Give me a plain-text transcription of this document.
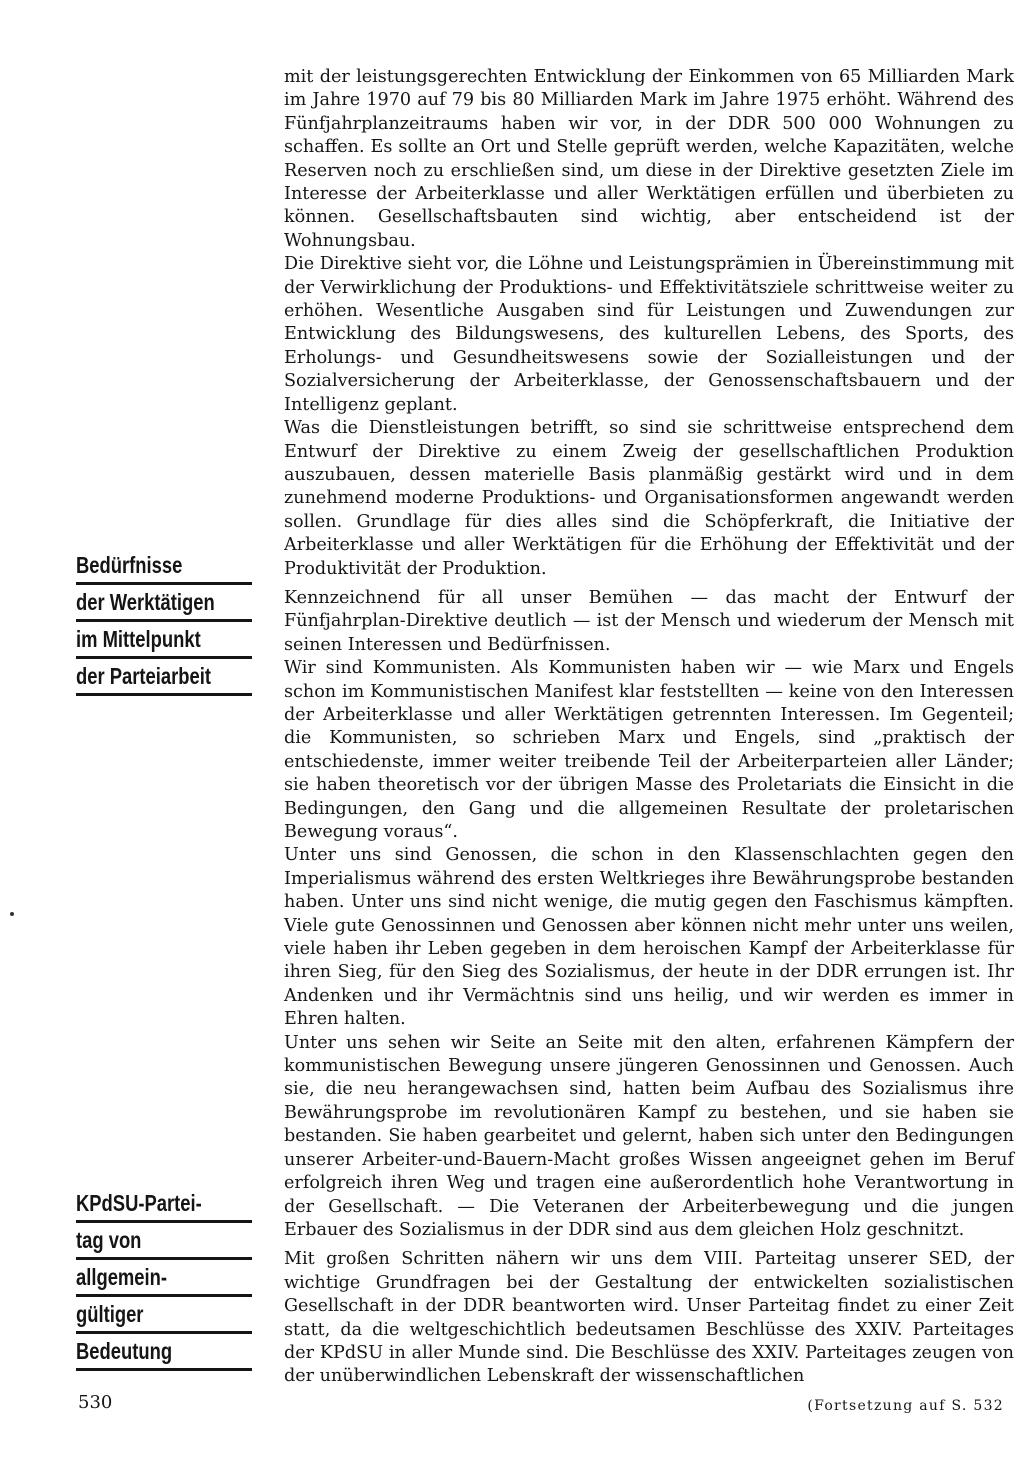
Bedürfnisse
der Werktätigen
im Mittelpunkt
der Parteiarbeit
KPdSU-Partei-
tag von
allgemein-
gültiger
Bedeutung

mit der leistungsgerechten Entwicklung der Einkommen von 65 Milliarden Mark im Jahre 1970 auf 79 bis 80 Milliarden Mark im Jahre 1975 erhöht. Während des Fünfjahrplanzeitraums haben wir vor, in der DDR 500 000 Wohnungen zu schaffen. Es sollte an Ort und Stelle geprüft werden, welche Kapazitäten, welche Reserven noch zu erschließen sind, um diese in der Direktive gesetzten Ziele im Interesse der Arbeiterklasse und aller Werktätigen erfüllen und überbieten zu können. Gesellschaftsbauten sind wichtig, aber entscheidend ist der Wohnungsbau.

Die Direktive sieht vor, die Löhne und Leistungsprämien in Übereinstimmung mit der Verwirklichung der Produktions- und Effektivitätsziele schrittweise weiter zu erhöhen. Wesentliche Ausgaben sind für Leistungen und Zuwendungen zur Entwicklung des Bildungswesens, des kulturellen Lebens, des Sports, des Erholungs- und Gesundheitswesens sowie der Sozialleistungen und der Sozialversicherung der Arbeiterklasse, der Genossenschaftsbauern und der Intelligenz geplant.

Was die Dienstleistungen betrifft, so sind sie schrittweise entsprechend dem Entwurf der Direktive zu einem Zweig der gesellschaftlichen Produktion auszubauen, dessen materielle Basis planmäßig gestärkt wird und in dem zunehmend moderne Produktions- und Organisationsformen angewandt werden sollen. Grundlage für dies alles sind die Schöpferkraft, die Initiative der Arbeiterklasse und aller Werktätigen für die Erhöhung der Effektivität und der Produktivität der Produktion.

Kennzeichnend für all unser Bemühen — das macht der Entwurf der Fünfjahrplan-Direktive deutlich — ist der Mensch und wiederum der Mensch mit seinen Interessen und Bedürfnissen.

Wir sind Kommunisten. Als Kommunisten haben wir — wie Marx und Engels schon im Kommunistischen Manifest klar feststellten — keine von den Interessen der Arbeiterklasse und aller Werktätigen getrennten Interessen. Im Gegenteil; die Kommunisten, so schrieben Marx und Engels, sind „praktisch der entschiedenste, immer weiter treibende Teil der Arbeiterparteien aller Länder; sie haben theoretisch vor der übrigen Masse des Proletariats die Einsicht in die Bedingungen, den Gang und die allgemeinen Resultate der proletarischen Bewegung voraus“.

Unter uns sind Genossen, die schon in den Klassenschlachten gegen den Imperialismus während des ersten Weltkrieges ihre Bewährungsprobe bestanden haben. Unter uns sind nicht wenige, die mutig gegen den Faschismus kämpften. Viele gute Genossinnen und Genossen aber können nicht mehr unter uns weilen, viele haben ihr Leben gegeben in dem heroischen Kampf der Arbeiterklasse für ihren Sieg, für den Sieg des Sozialismus, der heute in der DDR errungen ist. Ihr Andenken und ihr Vermächtnis sind uns heilig, und wir werden es immer in Ehren halten.

Unter uns sehen wir Seite an Seite mit den alten, erfahrenen Kämpfern der kommunistischen Bewegung unsere jüngeren Genossinnen und Genossen. Auch sie, die neu herangewachsen sind, hatten beim Aufbau des Sozialismus ihre Bewährungsprobe im revolutionären Kampf zu bestehen, und sie haben sie bestanden. Sie haben gearbeitet und gelernt, haben sich unter den Bedingungen unserer Arbeiter-und-Bauern-Macht großes Wissen angeeignet gehen im Beruf erfolgreich ihren Weg und tragen eine außerordentlich hohe Verantwortung in der Gesellschaft. — Die Veteranen der Arbeiterbewegung und die jungen Erbauer des Sozialismus in der DDR sind aus dem gleichen Holz geschnitzt.

Mit großen Schritten nähern wir uns dem VIII. Parteitag unserer SED, der wichtige Grundfragen bei der Gestaltung der entwickelten sozialistischen Gesellschaft in der DDR beantworten wird. Unser Parteitag findet zu einer Zeit statt, da die weltgeschichtlich bedeutsamen Beschlüsse des XXIV. Parteitages der KPdSU in aller Munde sind. Die Beschlüsse des XXIV. Parteitages zeugen von der unüberwindlichen Lebenskraft der wissenschaftlichen

(Fortsetzung auf S. 532
530
